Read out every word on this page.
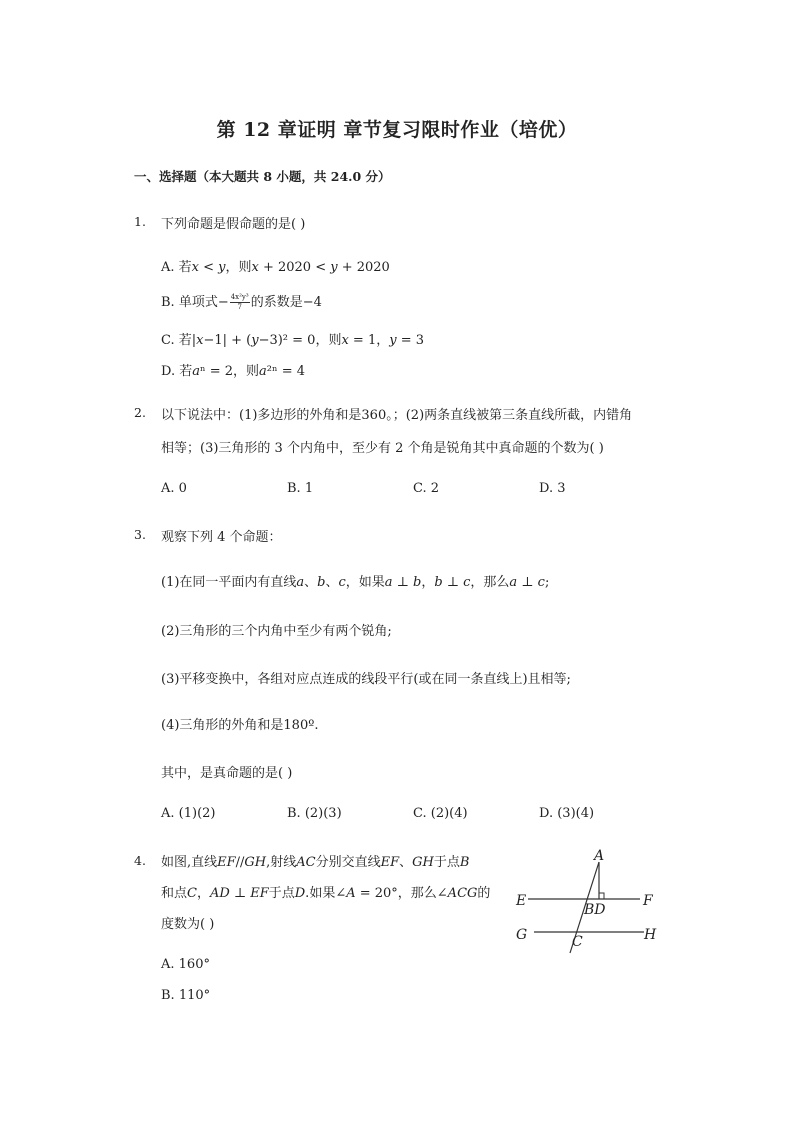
第 12 章证明 章节复习限时作业（培优）
一、选择题（本大题共 8 小题，共 24.0 分）
1. 下列命题是假命题的是( )
A. 若𝑥 < 𝑦，则𝑥 + 2020 < 𝑦 + 2020
B. 单项式− $\frac{\text{4x²y³}}{7}$ 的系数是−4
C. 若|𝑥−1| + (𝑦−3)² = 0，则𝑥 = 1，𝑦 = 3
D. 若𝑎ⁿ = 2，则𝑎²ⁿ = 4
2. 以下说法中：(1)多边形的外角和是360。；(2)两条直线被第三条直线所截，内错角
相等；(3)三角形的 3 个内角中，至少有 2 个角是锐角其中真命题的个数为( )
A. 0	B. 1	C. 2	D. 3
3. 观察下列 4 个命题：
(1)在同一平面内有直线𝑎、𝑏、𝑐，如果𝑎 ⊥ 𝑏，𝑏 ⊥ 𝑐，那么𝑎 ⊥ 𝑐;
(2)三角形的三个内角中至少有两个锐角;
(3)平移变换中，各组对应点连成的线段平行(或在同一条直线上)且相等;
(4)三角形的外角和是180º.
其中，是真命题的是( )
A. (1)(2)	B. (2)(3)	C. (2)(4)	D. (3)(4)
4. 如图,直线𝐸𝐹//𝐺𝐻,射线𝐴𝐶分别交直线𝐸𝐹、𝐺𝐻于点𝐵
和点𝐶，𝐴𝐷 ⊥ 𝐸𝐹于点𝐷.如果∠𝐴 = 20°，那么∠𝐴𝐶𝐺的
度数为( )
A. 160°
B. 110°
A
E	F
BD
G	H
C
